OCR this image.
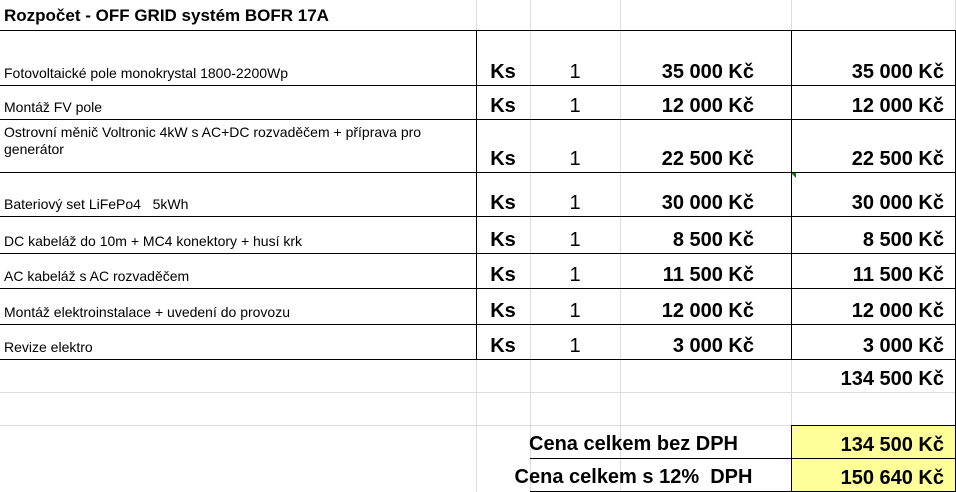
Rozpočet - OFF GRID systém BOFR 17A
Fotovoltaické pole monokrystal 1800-2200Wp	Ks	1	35 000 Kč	35 000 Kč
Montáž FV pole	Ks	1	12 000 Kč	12 000 Kč
Ostrovní měnič Voltronic 4kW s AC+DC rozvaděčem + příprava pro generátor	Ks	1	22 500 Kč	22 500 Kč
Bateriový set LiFePo4   5kWh	Ks	1	30 000 Kč	30 000 Kč
DC kabeláž do 10m + MC4 konektory + husí krk	Ks	1	8 500 Kč	8 500 Kč
AC kabeláž s AC rozvaděčem	Ks	1	11 500 Kč	11 500 Kč
Montáž elektroinstalace + uvedení do provozu	Ks	1	12 000 Kč	12 000 Kč
Revize elektro	Ks	1	3 000 Kč	3 000 Kč
134 500 Kč
Cena celkem bez DPH	134 500 Kč
Cena celkem s 12%  DPH	150 640 Kč
